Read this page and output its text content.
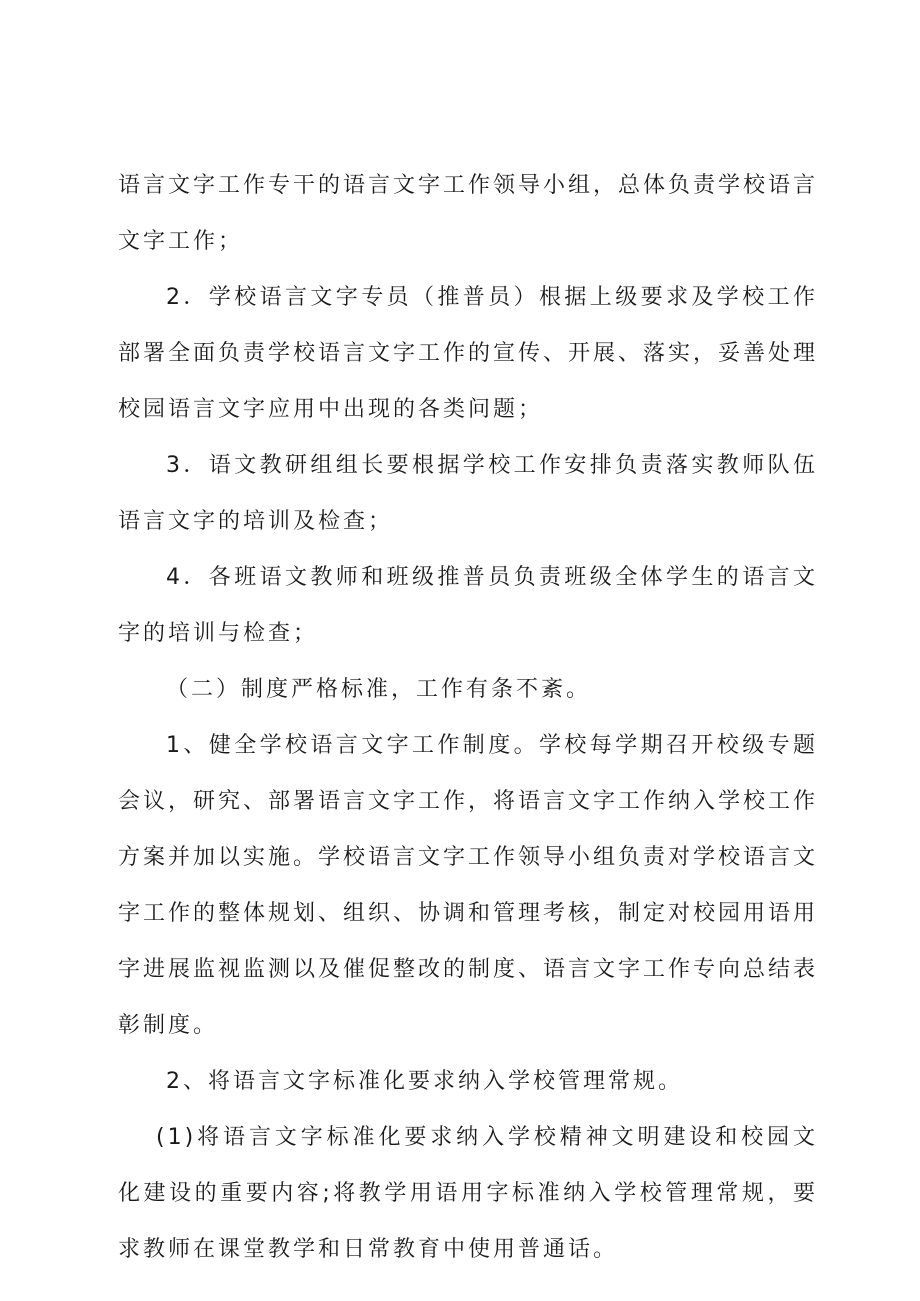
语言文字工作专干的语言文字工作领导小组，总体负责学校语言文字工作；

2．学校语言文字专员（推普员）根据上级要求及学校工作部署全面负责学校语言文字工作的宣传、开展、落实，妥善处理校园语言文字应用中出现的各类问题；

3．语文教研组组长要根据学校工作安排负责落实教师队伍语言文字的培训及检查；

4．各班语文教师和班级推普员负责班级全体学生的语言文字的培训与检查；

（二）制度严格标准，工作有条不紊。

1、健全学校语言文字工作制度。学校每学期召开校级专题会议，研究、部署语言文字工作，将语言文字工作纳入学校工作方案并加以实施。学校语言文字工作领导小组负责对学校语言文字工作的整体规划、组织、协调和管理考核，制定对校园用语用字进展监视监测以及催促整改的制度、语言文字工作专向总结表彰制度。

2、将语言文字标准化要求纳入学校管理常规。

(1)将语言文字标准化要求纳入学校精神文明建设和校园文化建设的重要内容;将教学用语用字标准纳入学校管理常规，要求教师在课堂教学和日常教育中使用普通话。
